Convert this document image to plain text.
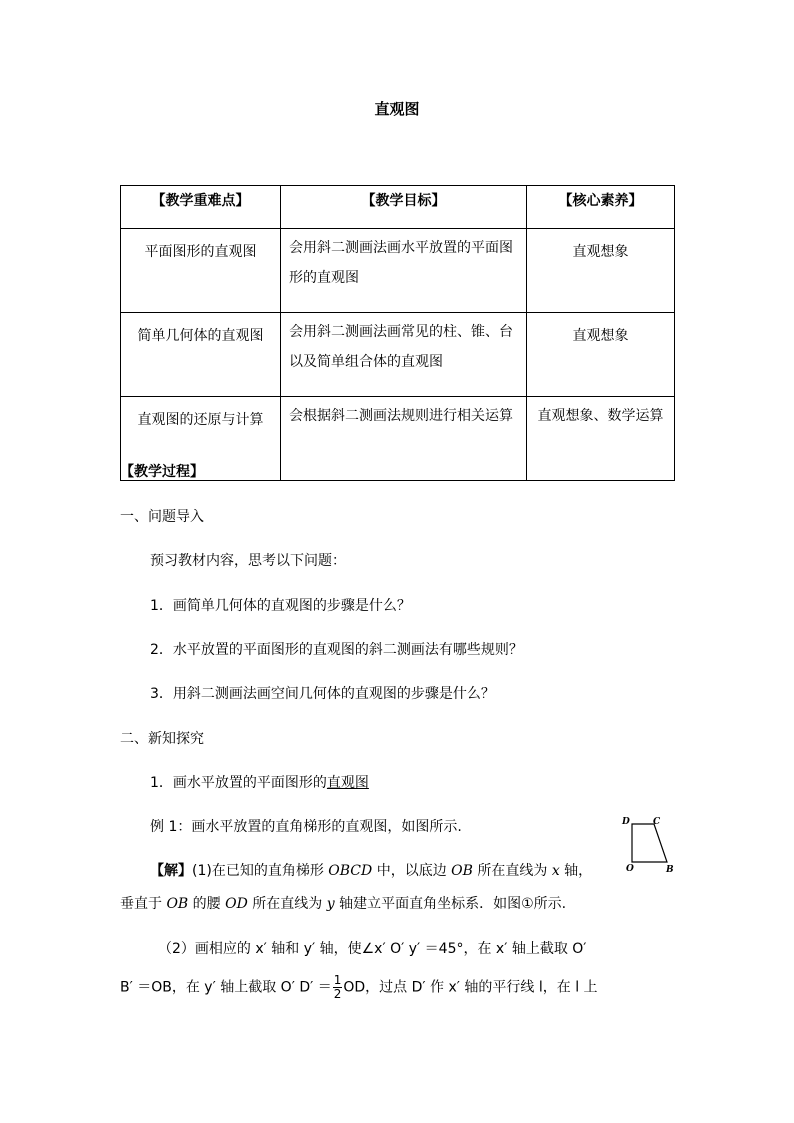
直观图
【教学重难点】	【教学目标】	【核心素养】
平面图形的直观图	会用斜二测画法画水平放置的平面图形的直观图	直观想象
简单几何体的直观图	会用斜二测画法画常见的柱、锥、台以及简单组合体的直观图	直观想象
直观图的还原与计算	会根据斜二测画法规则进行相关运算	直观想象、数学运算
【教学过程】
一、问题导入
预习教材内容，思考以下问题：
1．画简单几何体的直观图的步骤是什么？
2．水平放置的平面图形的直观图的斜二测画法有哪些规则？
3．用斜二测画法画空间几何体的直观图的步骤是什么？
二、新知探究
1．画水平放置的平面图形的直观图
例 1：画水平放置的直角梯形的直观图，如图所示.	D	C
O	B
【解】(1)在已知的直角梯形 OBCD 中，以底边 OB 所在直线为 x 轴，
垂直于 OB 的腰 OD 所在直线为 y 轴建立平面直角坐标系．如图①所示.
（2）画相应的 x′ 轴和 y′ 轴，使∠x′ O′ y′ ＝45°，在 x′ 轴上截取 O′
B′ ＝OB，在 y′ 轴上截取 O′ $D' = \frac{1}{2}$ OD，过点 D′ 作 x′ 轴的平行线 l，在 l 上
